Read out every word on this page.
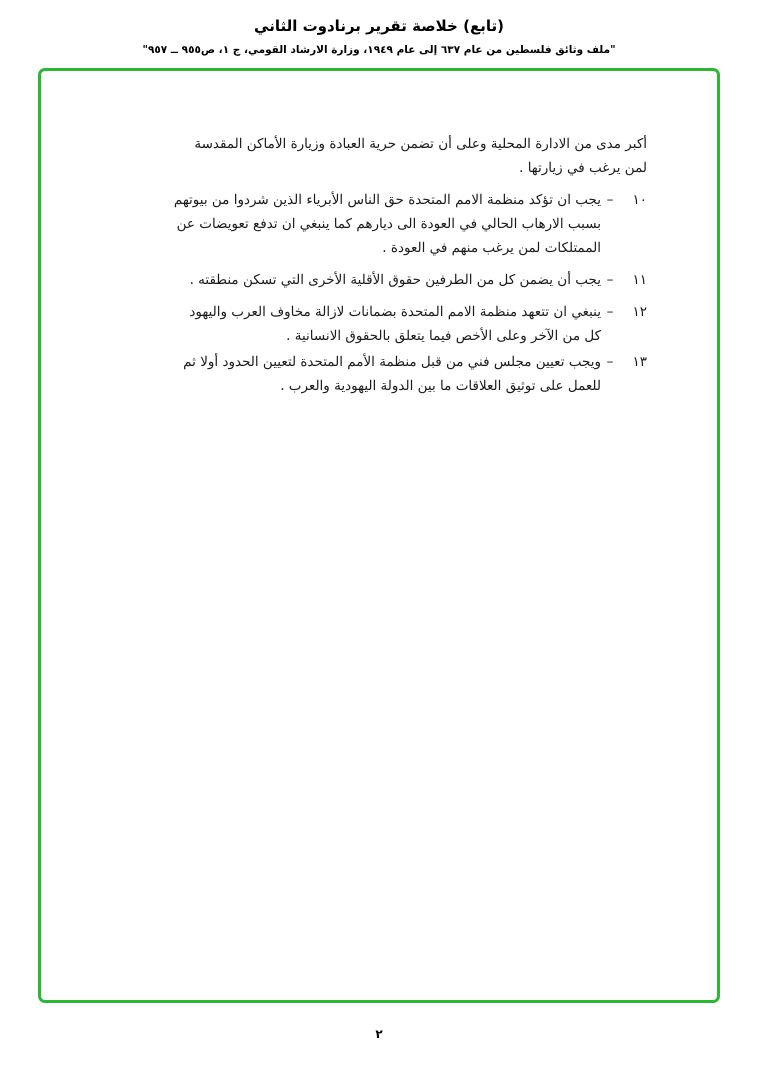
(تابع) خلاصة تقرير برنادوت الثاني
"ملف وثائق فلسطين من عام ٦٣٧ إلى عام ١٩٤٩، وزارة الارشاد القومي، ج ١، ص٩٥٥ ــ ٩٥٧"
أكبر مدى من الادارة المحلية وعلى أن تضمن حرية العبادة وزيارة الأماكن المقدسة
لمن يرغب في زيارتها .
١٠–يجب ان تؤكد منظمة الامم المتحدة حق الناس الأبرياء الذين شردوا من بيوتهم
بسبب الارهاب الحالي في العودة الى ديارهم كما ينبغي ان تدفع تعويضات عن
الممتلكات لمن يرغب منهم في العودة .
١١–يجب أن يضمن كل من الطرفين حقوق الأقلية الأخرى التي تسكن منطقته .
١٢–ينبغي ان تتعهد منظمة الامم المتحدة بضمانات لازالة مخاوف العرب واليهود
كل من الآخر وعلى الأخص فيما يتعلق بالحقوق الانسانية .
١٣–ويجب تعيين مجلس فني من قبل منظمة الأمم المتحدة لتعيين الحدود أولا ثم
للعمل على توثيق العلاقات ما بين الدولة اليهودية والعرب .
٢
